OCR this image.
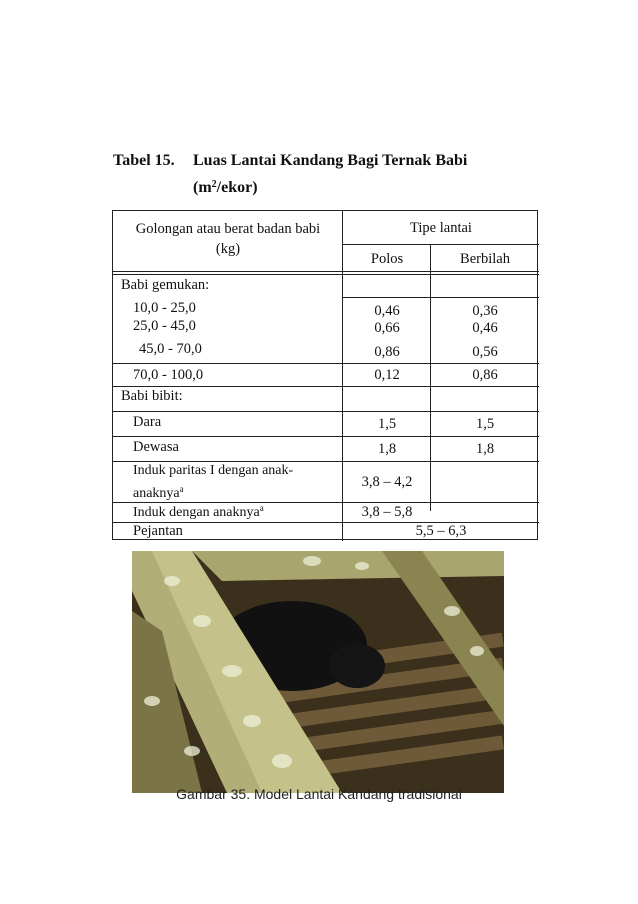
Tabel 15. Luas Lantai Kandang Bagi Ternak Babi
$(m^2/ekor)$
Golongan atau berat badan babi
(kg)
Tipe lantai
Polos	Berbilah
Babi gemukan:
10,0 - 25,0	0,46	0,36
25,0 - 45,0	0,66	0,46
45,0 - 70,0	0,86	0,56
70,0 - 100,0	0,12	0,86
Babi bibit:
Dara	1,5	1,5
Dewasa	1,8	1,8
Induk paritas I dengan anak-
anaknya$^a$	3,8 – 4,2
Induk dengan anaknya$^a$	3,8 – 5,8
Pejantan	5,5 – 6,3
Gambar 35. Model Lantai Kandang tradisional
